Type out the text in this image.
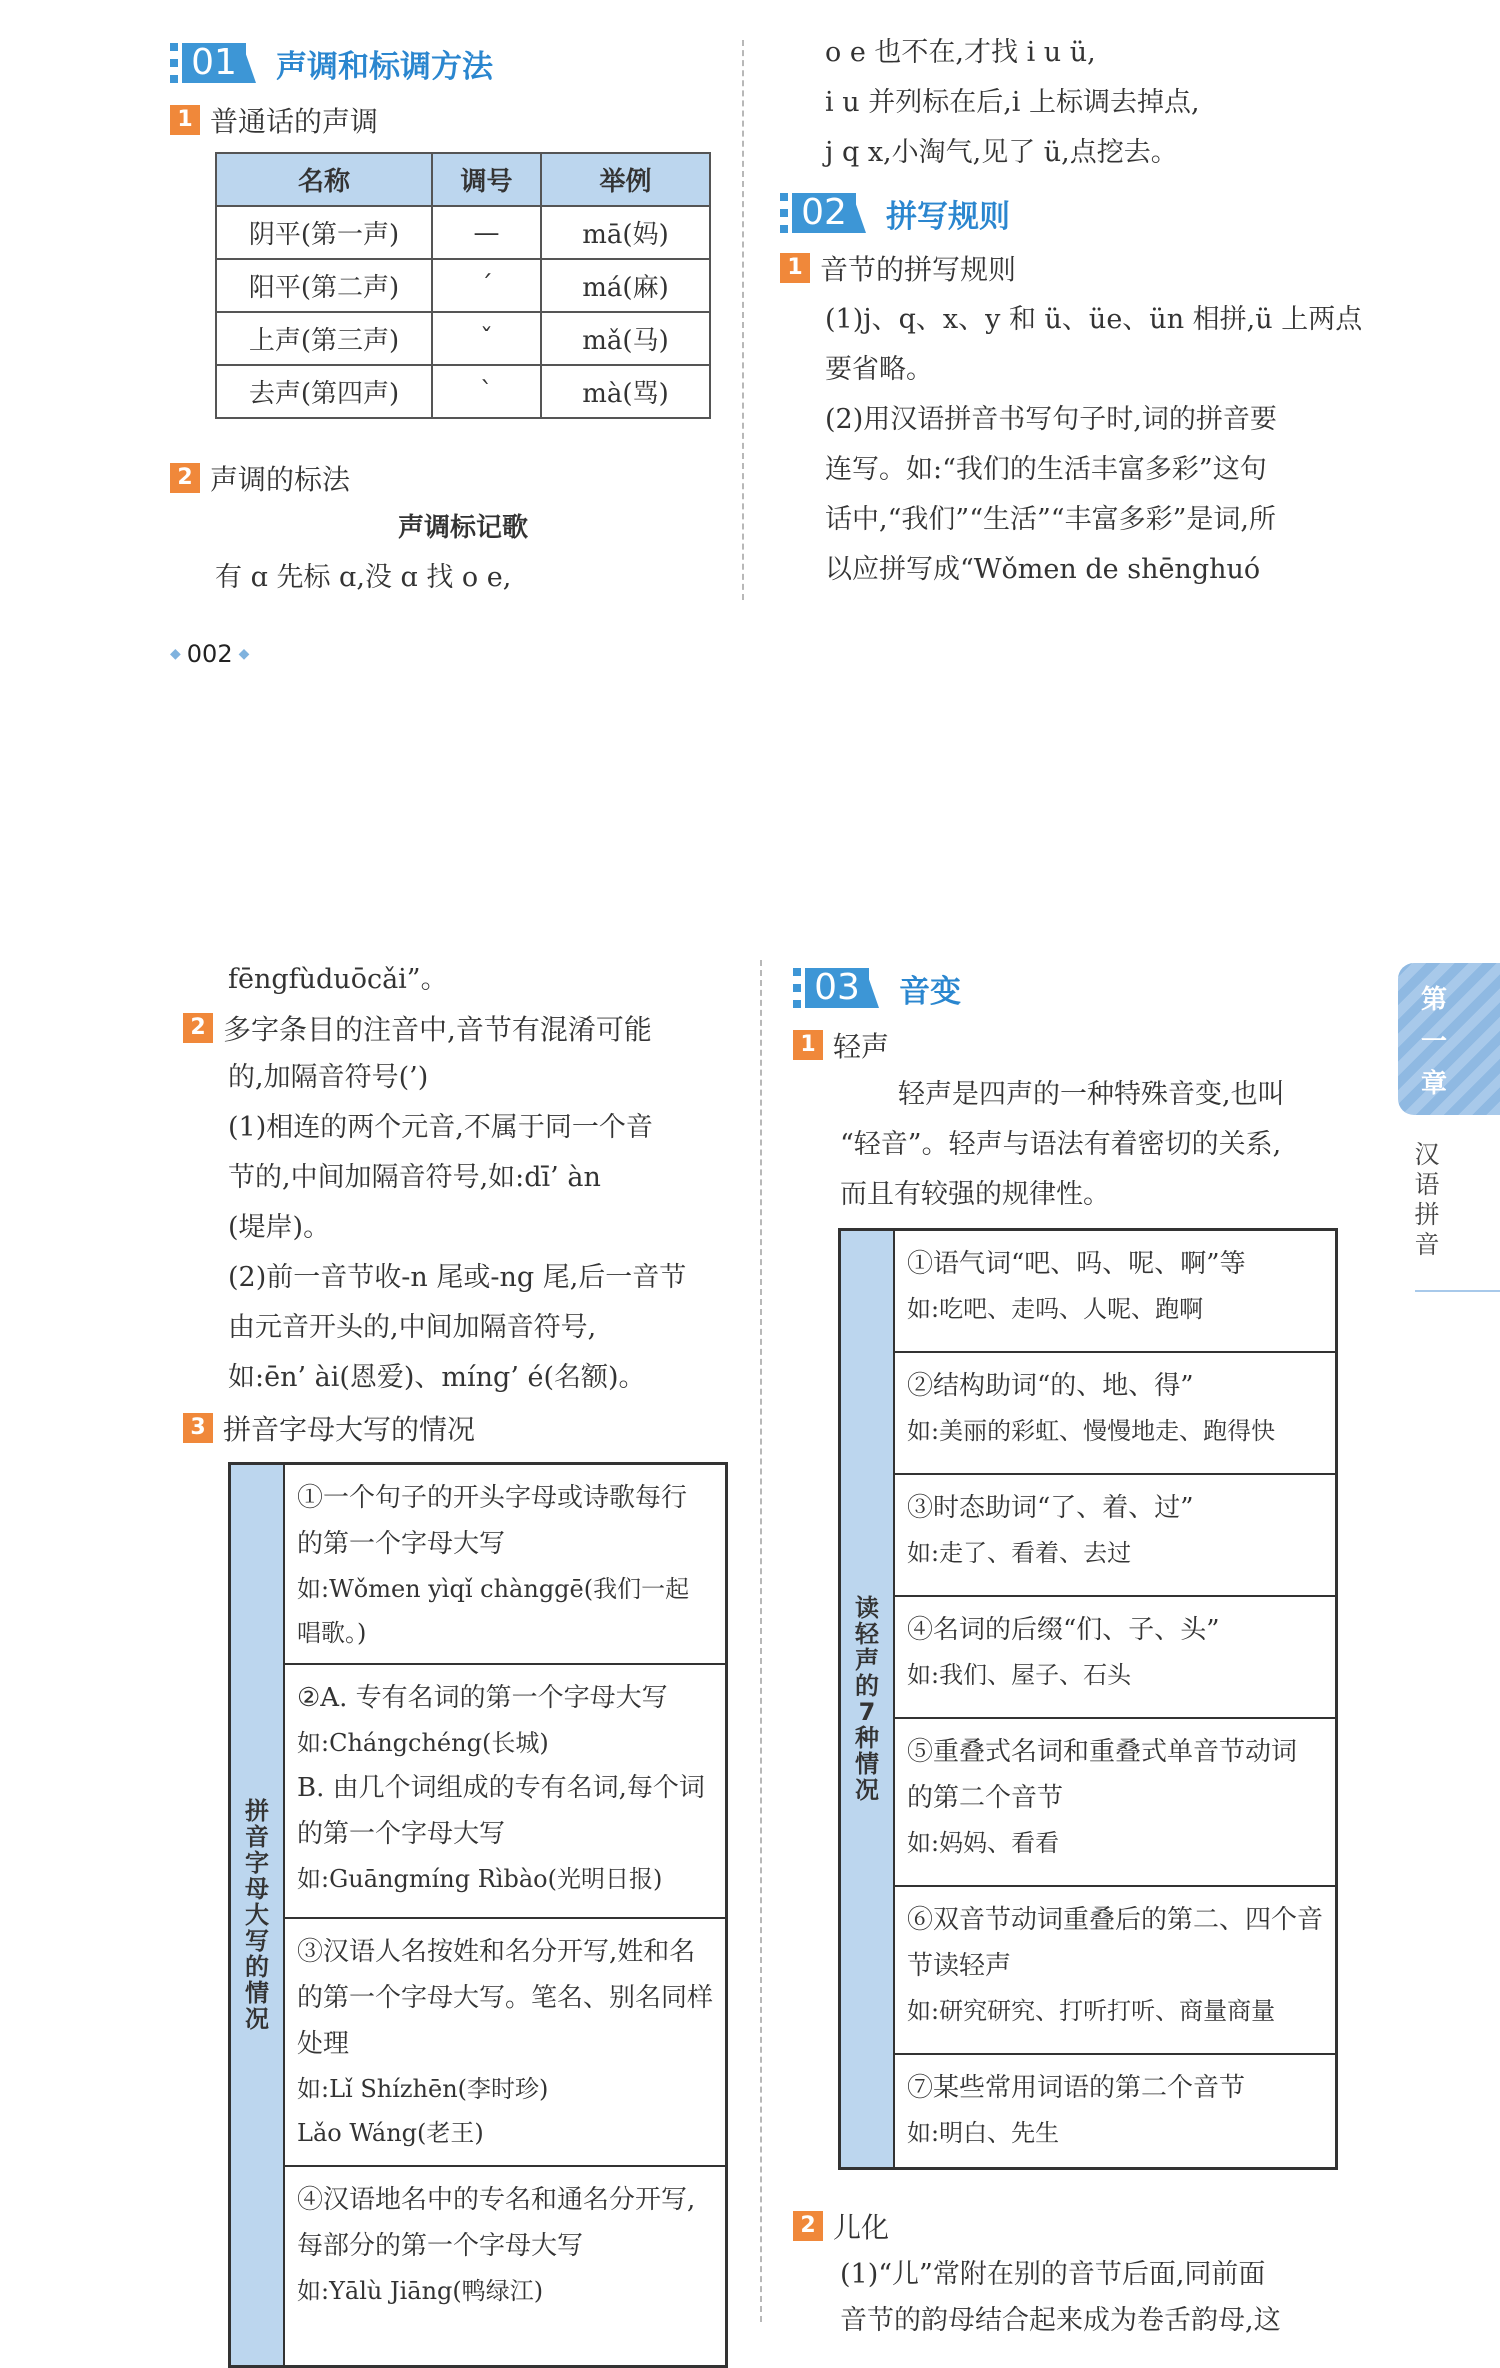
01 声调和标调方法
1 普通话的声调
名称	调号	举例
阴平(第一声)	—	mā(妈)
阳平(第二声)	ˊ	má(麻)
上声(第三声)	ˇ	mǎ(马)
去声(第四声)	ˋ	mà(骂)
2 声调的标法
声调标记歌
有 ɑ 先标 ɑ,没 ɑ 找 o e,
o e 也不在,才找 i u ü,
i u 并列标在后,i 上标调去掉点,
j q x,小淘气,见了 ü,点挖去。
02 拼写规则
1 音节的拼写规则
(1)j、q、x、y 和 ü、üe、ün 相拼,ü 上两点
要省略。
(2)用汉语拼音书写句子时,词的拼音要
连写。如:“我们的生活丰富多彩”这句
话中,“我们”“生活”“丰富多彩”是词,所
以应拼写成“Wǒmen de shēnghuó
◆ 002 ◆
fēngfùduōcǎi”。
2 多字条目的注音中,音节有混淆可能
的,加隔音符号(’)
(1)相连的两个元音,不属于同一个音
节的,中间加隔音符号,如:dī’ àn
(堤岸)。
(2)前一音节收-n 尾或-ng 尾,后一音节
由元音开头的,中间加隔音符号,
如:ēn’ ài(恩爱)、míng’ é(名额)。
3 拼音字母大写的情况
拼音字母大写的情况
①一个句子的开头字母或诗歌每行
的第一个字母大写
如:Wǒmen yìqǐ chànggē(我们一起
唱歌。)
②A. 专有名词的第一个字母大写
如:Chángchéng(长城)
B. 由几个词组成的专有名词,每个词
的第一个字母大写
如:Guāngmíng Rìbào(光明日报)
③汉语人名按姓和名分开写,姓和名
的第一个字母大写。笔名、别名同样
处理
如:Lǐ Shízhēn(李时珍)
Lǎo Wáng(老王)
④汉语地名中的专名和通名分开写,
每部分的第一个字母大写
如:Yālù Jiāng(鸭绿江)
03 音变
1 轻声
轻声是四声的一种特殊音变,也叫
“轻音”。轻声与语法有着密切的关系,
而且有较强的规律性。
读轻声的7种情况
①语气词“吧、吗、呢、啊”等
如:吃吧、走吗、人呢、跑啊
②结构助词“的、地、得”
如:美丽的彩虹、慢慢地走、跑得快
③时态助词“了、着、过”
如:走了、看着、去过
④名词的后缀“们、子、头”
如:我们、屋子、石头
⑤重叠式名词和重叠式单音节动词
的第二个音节
如:妈妈、看看
⑥双音节动词重叠后的第二、四个音
节读轻声
如:研究研究、打听打听、商量商量
⑦某些常用词语的第二个音节
如:明白、先生
2 儿化
(1)“儿”常附在别的音节后面,同前面
音节的韵母结合起来成为卷舌韵母,这
第一章
汉语拼音
